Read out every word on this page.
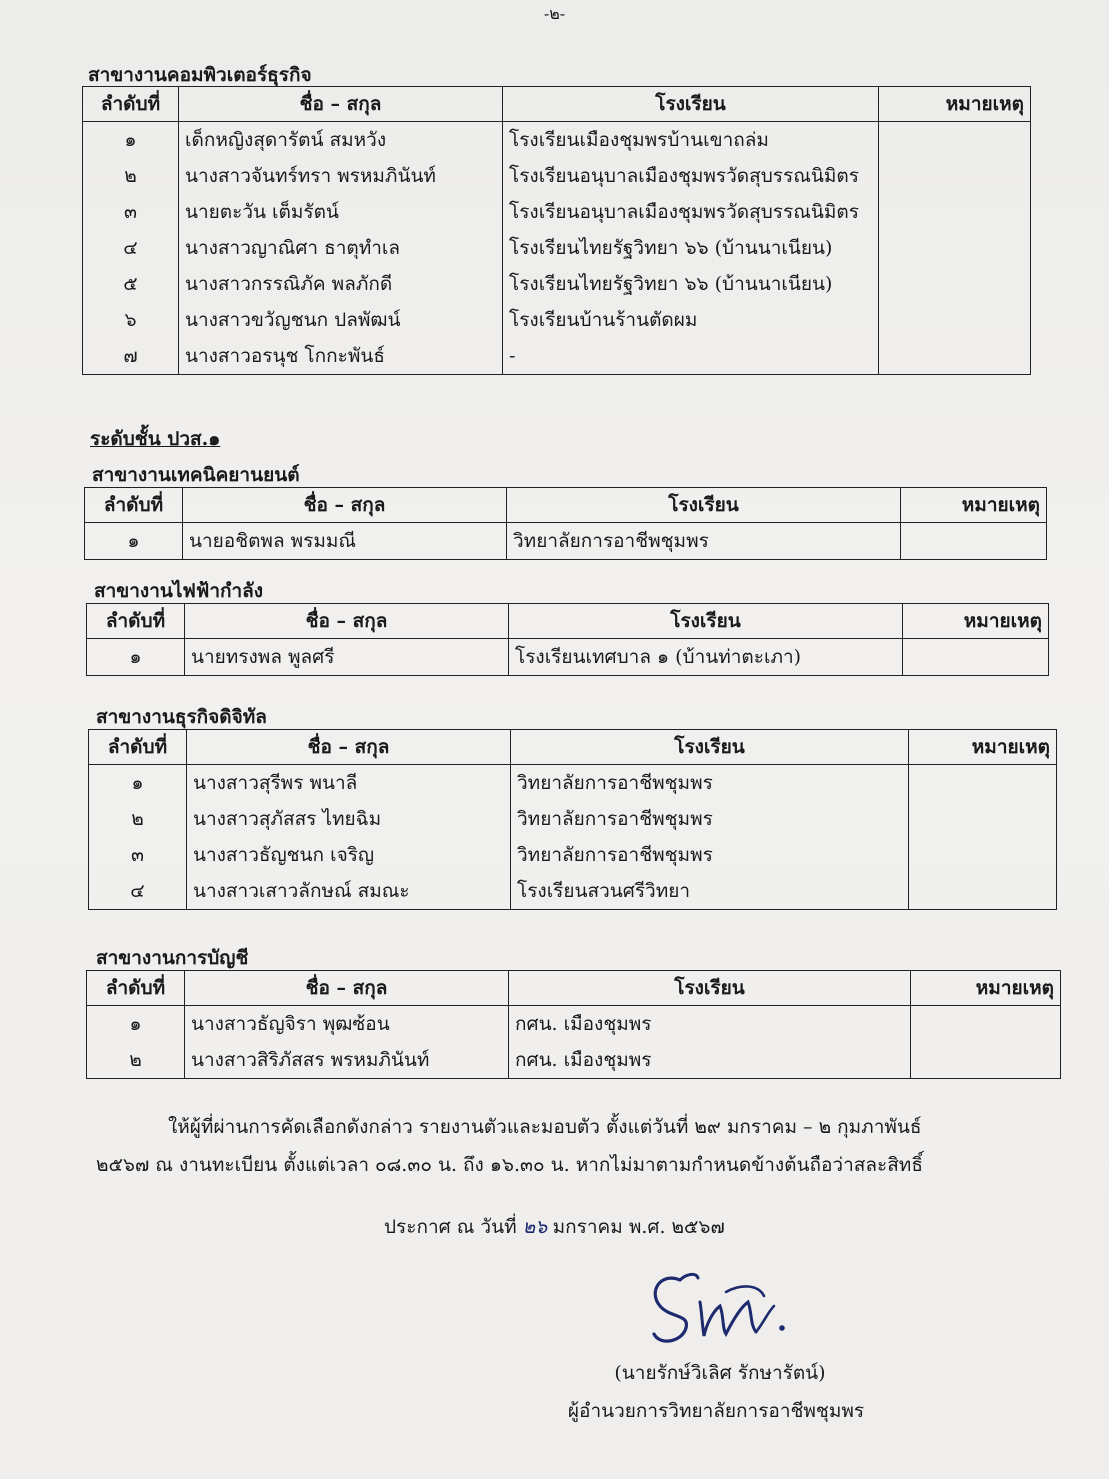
-๒-
สาขางานคอมพิวเตอร์ธุรกิจ
ลำดับที่	ชื่อ – สกุล	โรงเรียน	หมายเหตุ
๑	เด็กหญิงสุดารัตน์ สมหวัง	โรงเรียนเมืองชุมพรบ้านเขาถล่ม	
๒	นางสาวจันทร์ทรา พรหมภินันท์	โรงเรียนอนุบาลเมืองชุมพรวัดสุบรรณนิมิตร	
๓	นายตะวัน เต็มรัตน์	โรงเรียนอนุบาลเมืองชุมพรวัดสุบรรณนิมิตร	
๔	นางสาวญาณิศา ธาตุทำเล	โรงเรียนไทยรัฐวิทยา ๖๖ (บ้านนาเนียน)	
๕	นางสาวกรรณิภัค พลภักดี	โรงเรียนไทยรัฐวิทยา ๖๖ (บ้านนาเนียน)	
๖	นางสาวขวัญชนก ปลพัฒน์	โรงเรียนบ้านร้านตัดผม	
๗	นางสาวอรนุช โกกะพันธ์	-	
ระดับชั้น ปวส.๑
สาขางานเทคนิคยานยนต์
ลำดับที่	ชื่อ – สกุล	โรงเรียน	หมายเหตุ
๑	นายอชิตพล พรมมณี	วิทยาลัยการอาชีพชุมพร	
สาขางานไฟฟ้ากำลัง
ลำดับที่	ชื่อ – สกุล	โรงเรียน	หมายเหตุ
๑	นายทรงพล พูลศรี	โรงเรียนเทศบาล ๑ (บ้านท่าตะเภา)	
สาขางานธุรกิจดิจิทัล
ลำดับที่	ชื่อ – สกุล	โรงเรียน	หมายเหตุ
๑	นางสาวสุรีพร พนาลี	วิทยาลัยการอาชีพชุมพร	
๒	นางสาวสุภัสสร ไทยฉิม	วิทยาลัยการอาชีพชุมพร	
๓	นางสาวธัญชนก เจริญ	วิทยาลัยการอาชีพชุมพร	
๔	นางสาวเสาวลักษณ์ สมณะ	โรงเรียนสวนศรีวิทยา	
สาขางานการบัญชี
ลำดับที่	ชื่อ – สกุล	โรงเรียน	หมายเหตุ
๑	นางสาวธัญจิรา พุฒซ้อน	กศน. เมืองชุมพร	
๒	นางสาวสิริภัสสร พรหมภินันท์	กศน. เมืองชุมพร	
ให้ผู้ที่ผ่านการคัดเลือกดังกล่าว รายงานตัวและมอบตัว ตั้งแต่วันที่ ๒๙ มกราคม – ๒ กุมภาพันธ์
๒๕๖๗ ณ งานทะเบียน ตั้งแต่เวลา ๐๘.๓๐ น. ถึง ๑๖.๓๐ น. หากไม่มาตามกำหนดข้างต้นถือว่าสละสิทธิ์
ประกาศ ณ วันที่ ๒๖ มกราคม พ.ศ. ๒๕๖๗
(นายรักษ์วิเลิศ รักษารัตน์)
ผู้อำนวยการวิทยาลัยการอาชีพชุมพร
